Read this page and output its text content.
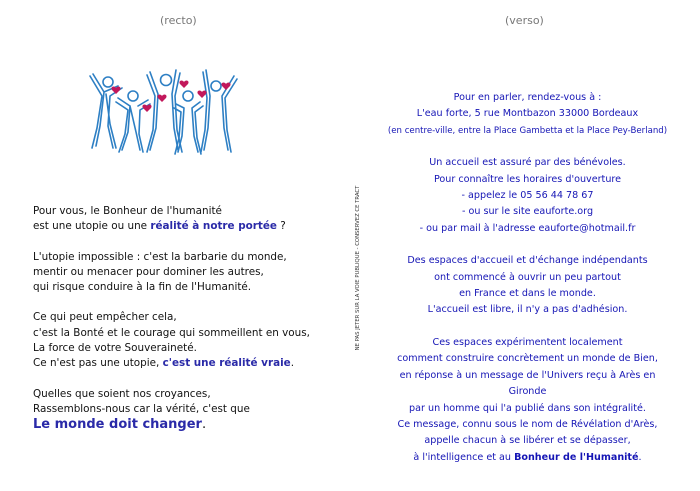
(recto)	(verso)

Pour vous, le Bonheur de l'humanité
est une utopie ou une réalité à notre portée ?

L'utopie impossible : c'est la barbarie du monde,
mentir ou menacer pour dominer les autres,
qui risque conduire à la fin de l'Humanité.

Ce qui peut empêcher cela,
c'est la Bonté et le courage qui sommeillent en vous,
La force de votre Souveraineté.
Ce n'est pas une utopie, c'est une réalité vraie.

Quelles que soient nos croyances,
Rassemblons-nous car la vérité, c'est que
Le monde doit changer.

NE PAS JETER SUR LA VOIE PUBLIQUE - CONSERVEZ CE TRACT

Pour en parler, rendez-vous à :
L'eau forte, 5 rue Montbazon 33000 Bordeaux
(en centre-ville, entre la Place Gambetta et la Place Pey-Berland)

Un accueil est assuré par des bénévoles.
Pour connaître les horaires d'ouverture
- appelez le 05 56 44 78 67
- ou sur le site eauforte.org
- ou par mail à l'adresse eauforte@hotmail.fr

Des espaces d'accueil et d'échange indépendants
ont commencé à ouvrir un peu partout
en France et dans le monde.
L'accueil est libre, il n'y a pas d'adhésion.

Ces espaces expérimentent localement
comment construire concrètement un monde de Bien,
en réponse à un message de l'Univers reçu à Arès en Gironde
par un homme qui l'a publié dans son intégralité.
Ce message, connu sous le nom de Révélation d'Arès,
appelle chacun à se libérer et se dépasser,
à l'intelligence et au Bonheur de l'Humanité.
